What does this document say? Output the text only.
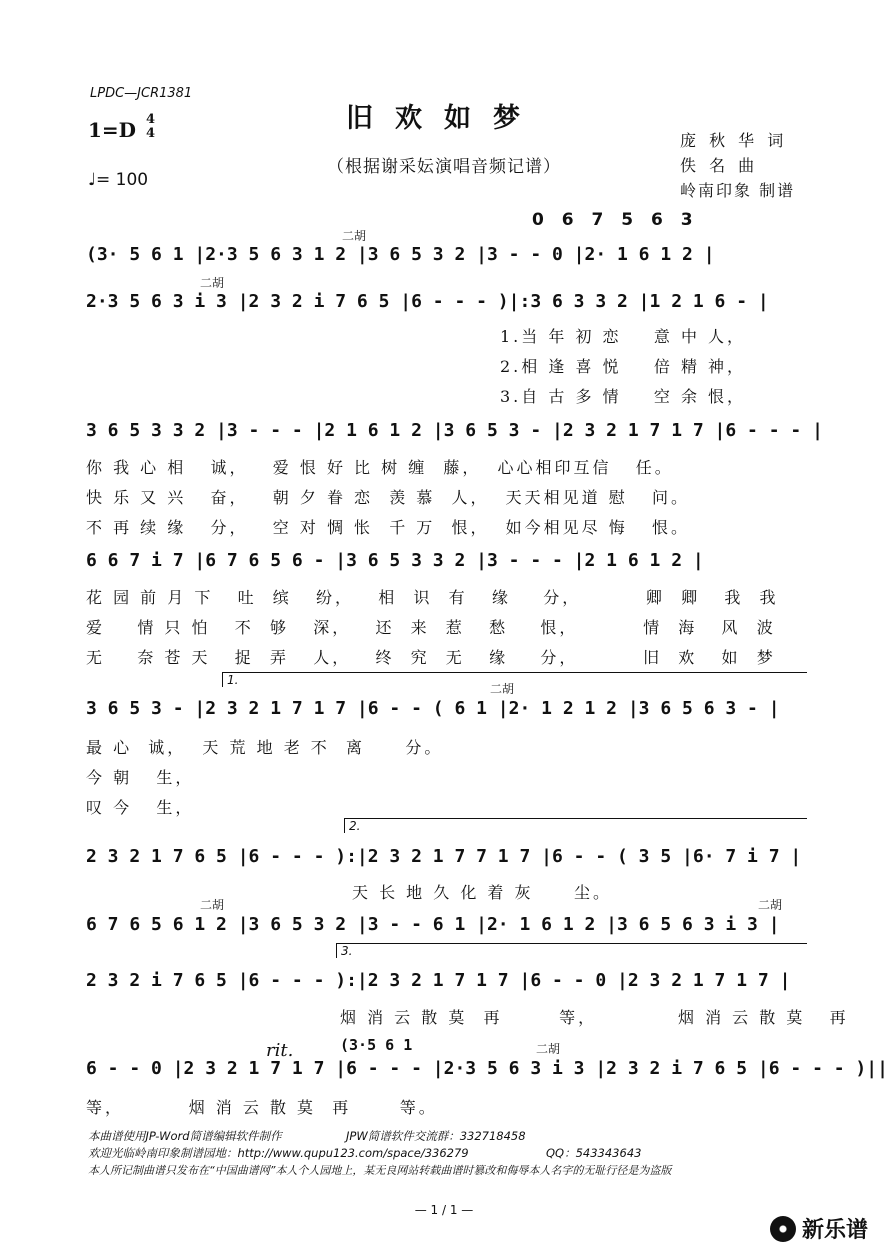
LPDC—JCR1381
旧欢如梦
（根据谢采妘演唱音频记谱）
1=D 4
4
♩= 100
庞 秋 华 词
佚 名 曲
岭南印象 制谱
0 6 7 5 6 3
二胡
(3· 5 6 1 |2·3 5 6 3 1 2 |3 6 5 3 2 |3 - - 0 |2· 1 6 1 2 |
二胡
2·3 5 6 3 i 3 |2 3 2 i 7 6 5 |6 - - - )|:3 6 3 3 2 |1 2 1 6 - |
1.当 年 初 恋    意 中 人，
2.相 逢 喜 悦    倍 精 神，
3.自 古 多 情    空 余 恨，
3 6 5 3 3 2 |3 - - - |2 1 6 1 2 |3 6 5 3 - |2 3 2 1 7 1 7 |6 - - - |
你 我 心 相   诚，   爱 恨 好 比 树 缠  藤，  心心相印互信   任。
快 乐 又 兴   奋，   朝 夕 眷 恋  羡 慕  人，  天天相见道 慰   问。
不 再 续 缘   分，   空 对 惆 怅  千 万  恨，  如今相见尽 悔   恨。
6 6 7 i 7 |6 7 6 5 6 - |3 6 5 3 3 2 |3 - - - |2 1 6 1 2 |
花 园 前 月 下   吐  缤   纷，   相  识  有   缘    分，        卿  卿   我  我
爱    情 只 怕   不  够   深，   还  来  惹   愁    恨，        情  海   风  波
无    奈 苍 天   捉  弄   人，   终  究  无   缘    分，        旧  欢   如  梦
1.
二胡
3 6 5 3 - |2 3 2 1 7 1 7 |6 - - ( 6 1 |2· 1 2 1 2 |3 6 5 6 3 - |
最 心  诚，  天 荒 地 老 不  离     分。
今 朝   生，
叹 今   生，
2.
2 3 2 1 7 6 5 |6 - - - ):|2 3 2 1 7 7 1 7 |6 - - ( 3 5 |6· 7 i 7 |
天 长 地 久 化 着 灰     尘。
二胡	二胡
6 7 6 5 6 1 2 |3 6 5 3 2 |3 - - 6 1 |2· 1 6 1 2 |3 6 5 6 3 i 3 |
3.
2 3 2 i 7 6 5 |6 - - - ):|2 3 2 1 7 1 7 |6 - - 0 |2 3 2 1 7 1 7 |
烟 消 云 散 莫  再       等，          烟 消 云 散 莫   再
rit.	(3·5 6 1	二胡
6 - - 0 |2 3 2 1 7 1 7 |6 - - - |2·3 5 6 3 i 3 |2 3 2 i 7 6 5 |6 - - - )||
等，        烟 消 云 散 莫  再      等。
本曲谱使用JP-Word简谱编辑软件制作	JPW简谱软件交流群：332718458
欢迎光临岭南印象制谱园地：http://www.qupu123.com/space/336279	QQ：543343643
本人所记制曲谱只发布在“中国曲谱网”本人个人园地上，某无良网站转载曲谱时篡改和侮辱本人名字的无耻行径是为盗版
— 1 / 1 —
新乐谱
